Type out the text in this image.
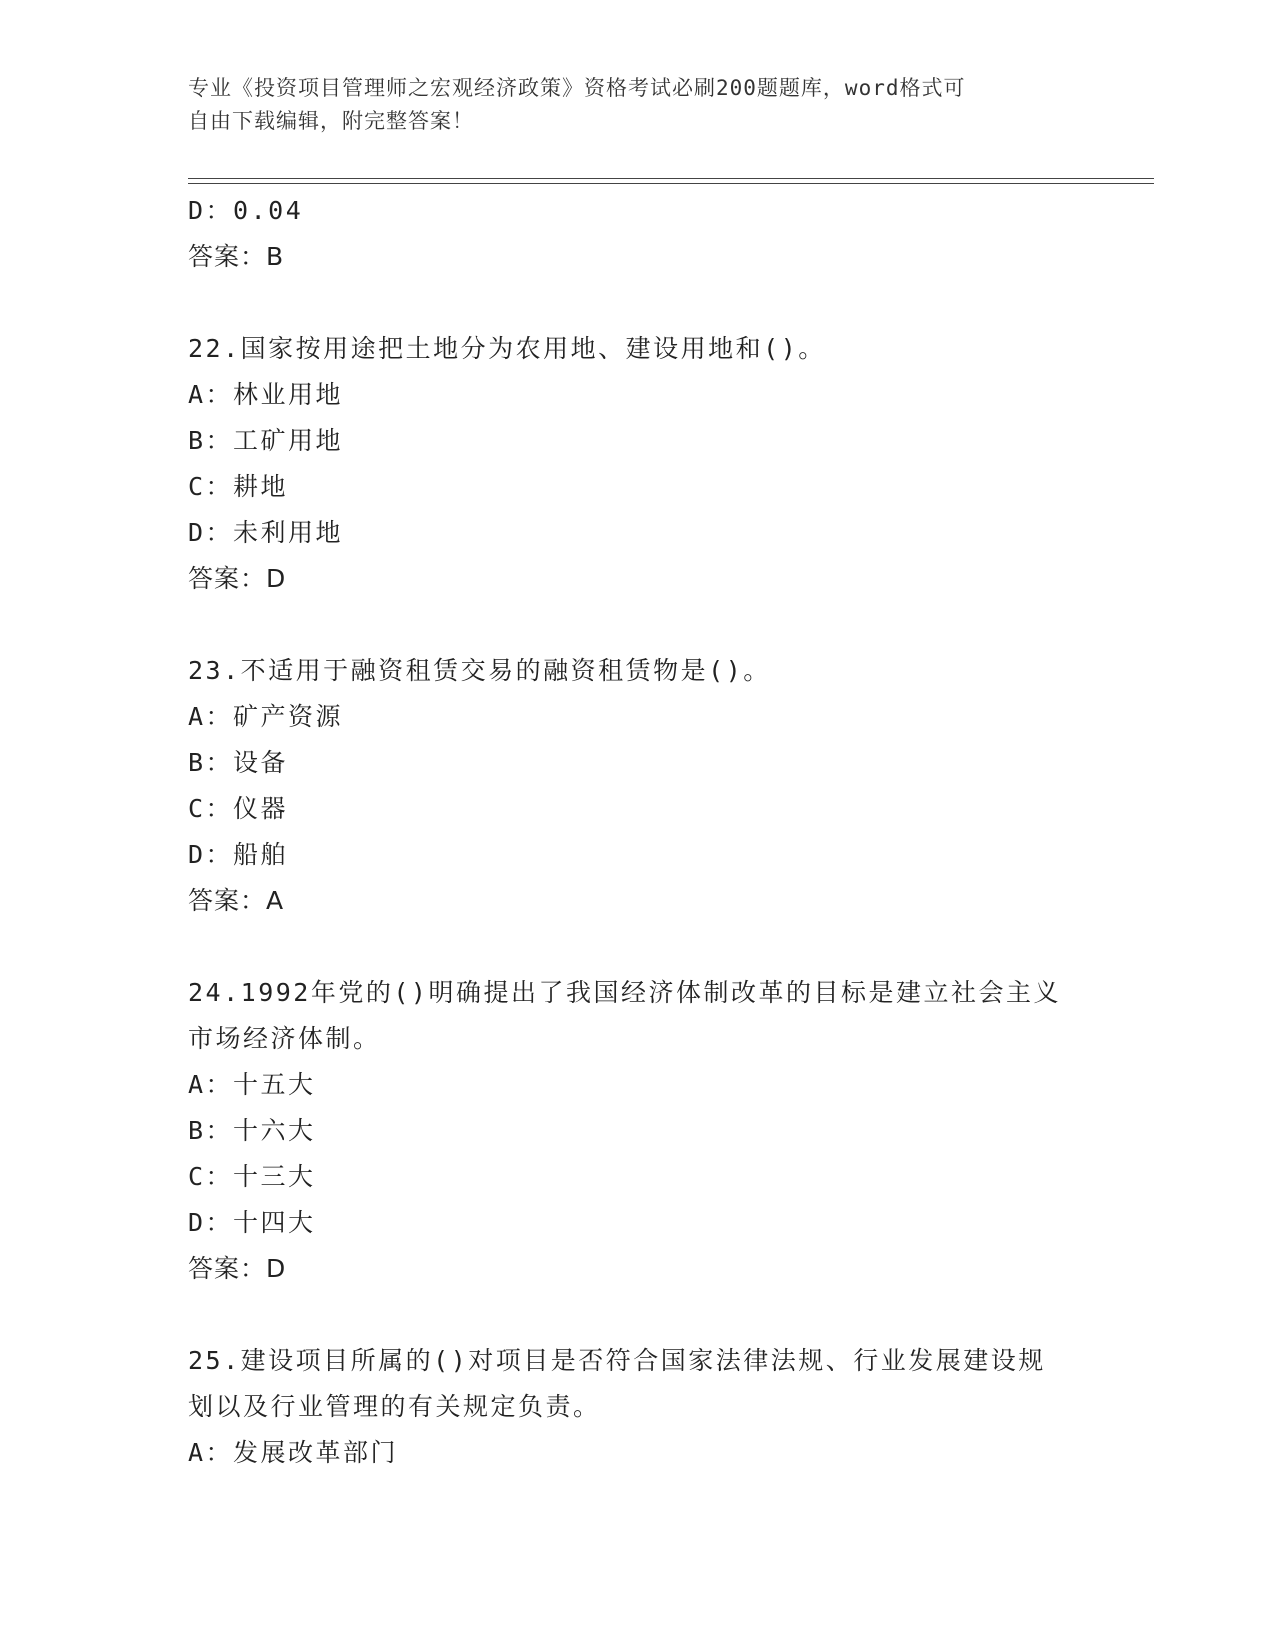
专业《投资项目管理师之宏观经济政策》资格考试必刷200题题库，word格式可
自由下载编辑，附完整答案！
D：0.04
答案：B
22.国家按用途把土地分为农用地、建设用地和()。
A：林业用地
B：工矿用地
C：耕地
D：未利用地
答案：D
23.不适用于融资租赁交易的融资租赁物是()。
A：矿产资源
B：设备
C：仪器
D：船舶
答案：A
24.1992年党的()明确提出了我国经济体制改革的目标是建立社会主义
市场经济体制。
A：十五大
B：十六大
C：十三大
D：十四大
答案：D
25.建设项目所属的()对项目是否符合国家法律法规、行业发展建设规
划以及行业管理的有关规定负责。
A：发展改革部门
